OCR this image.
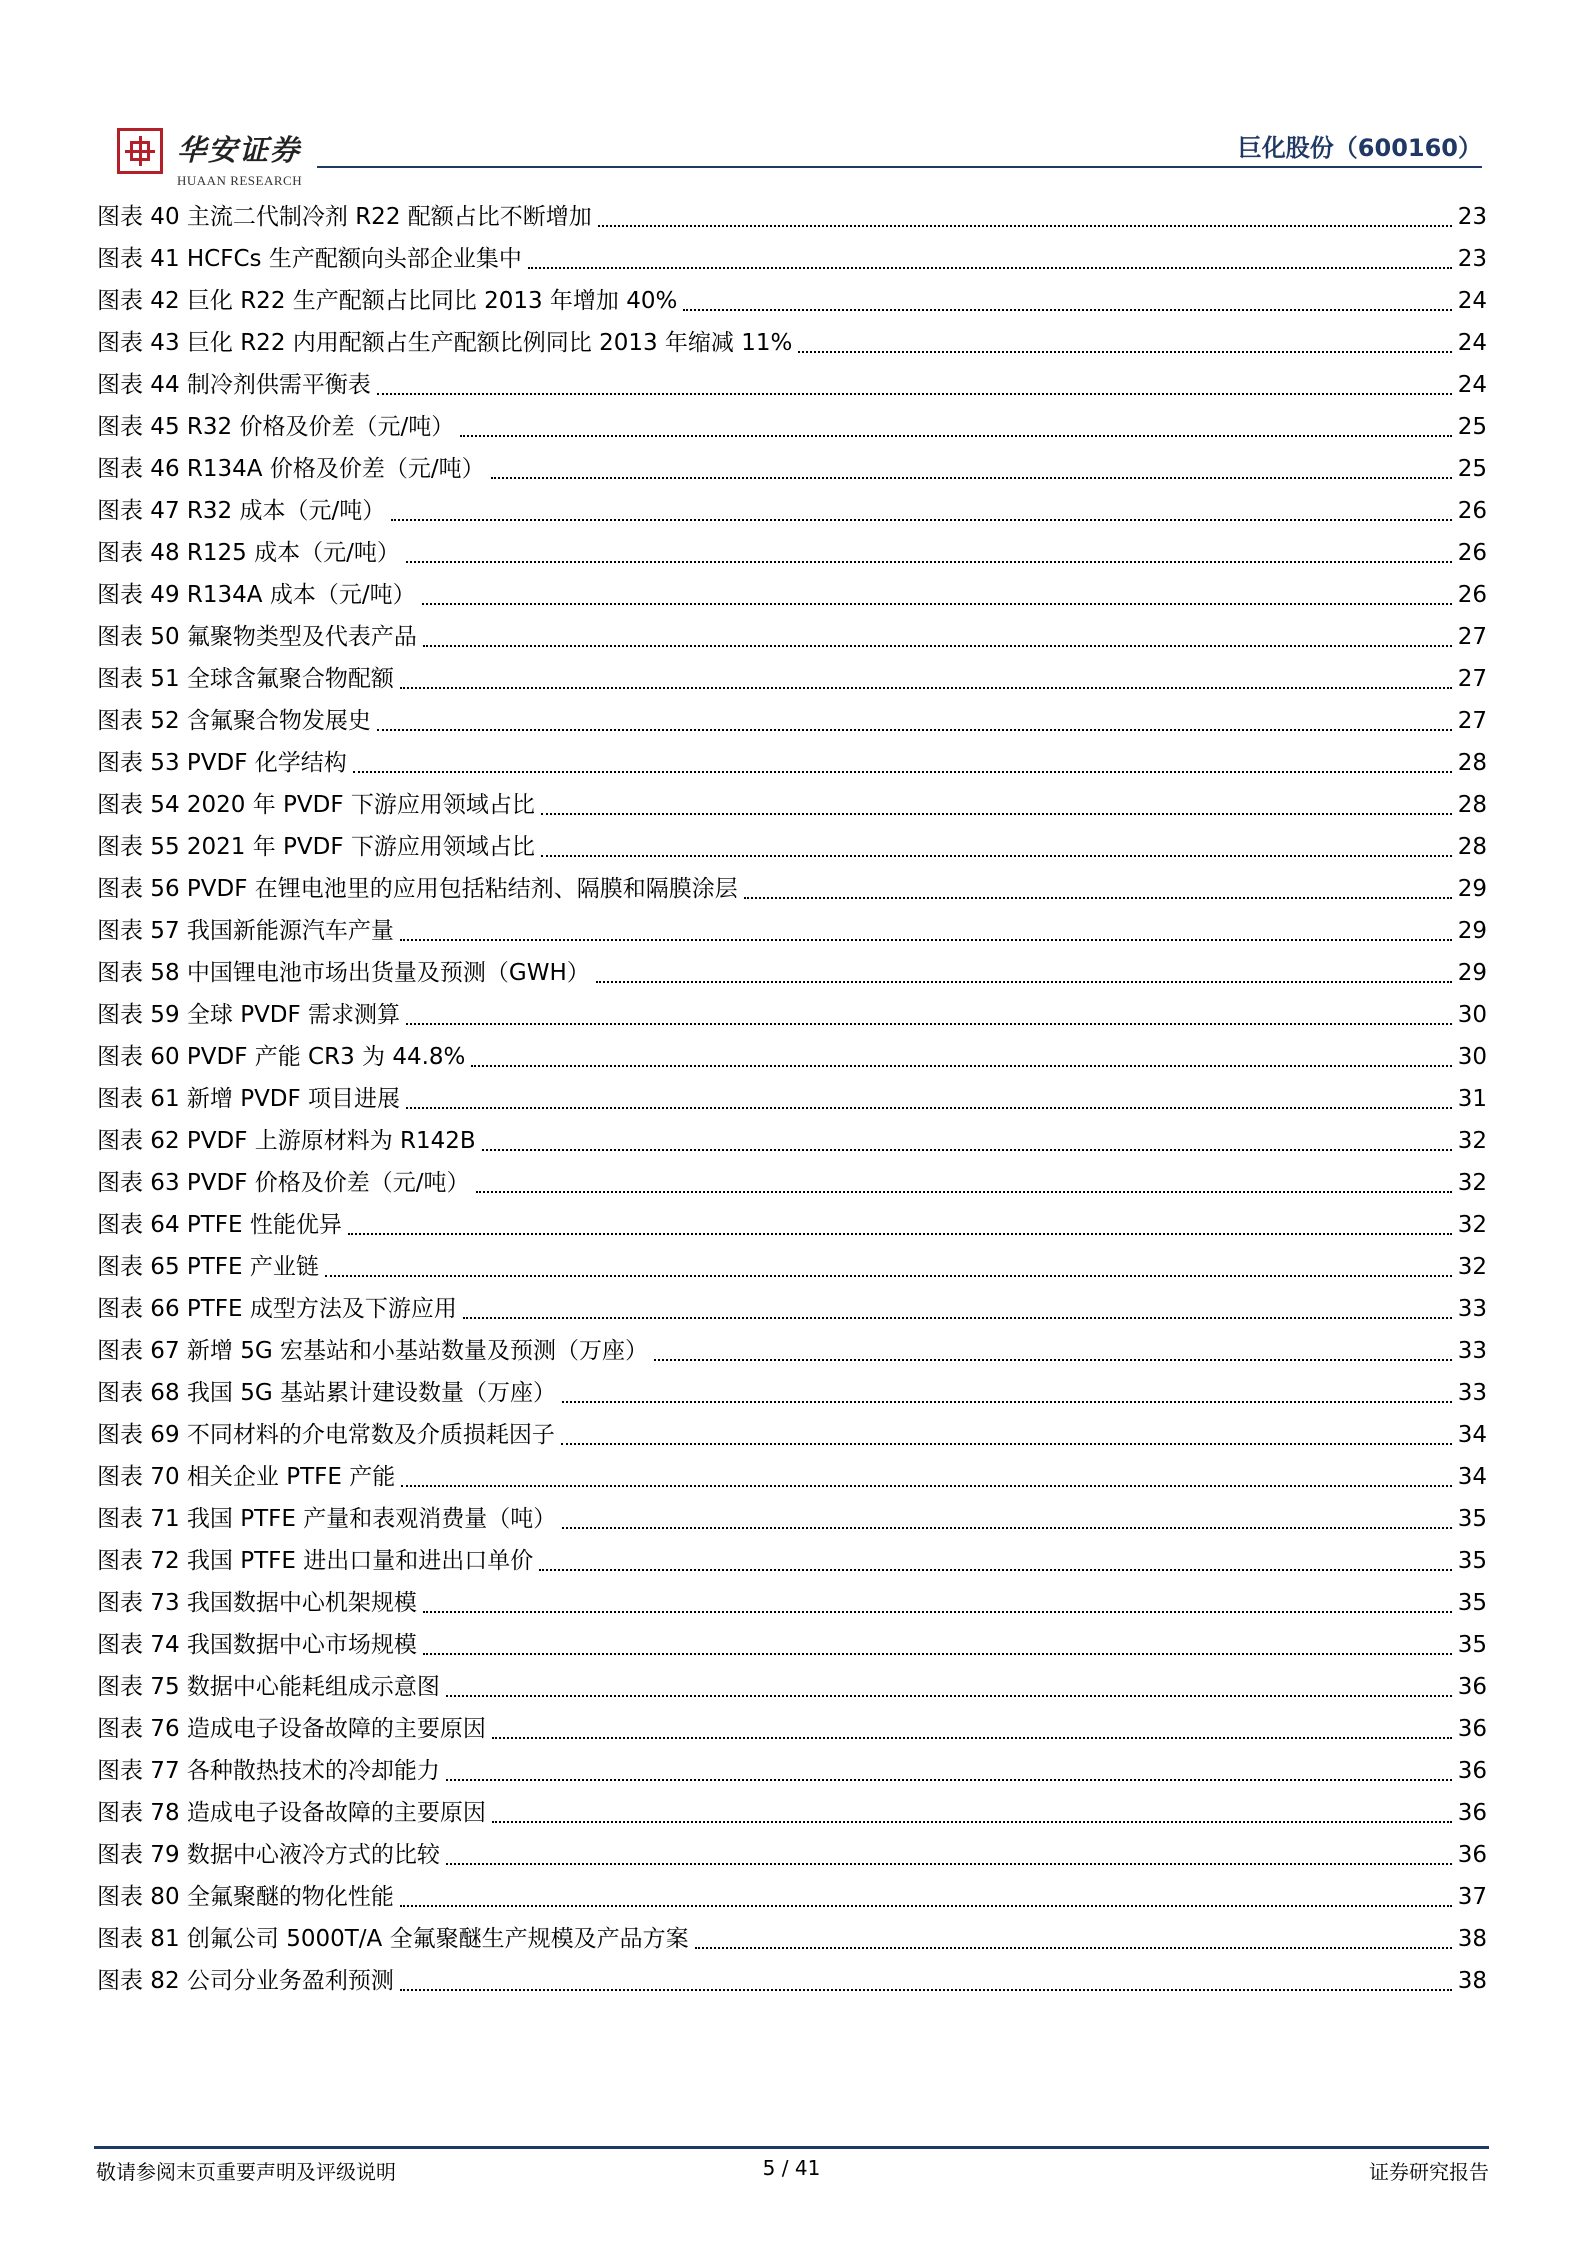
华安证券
HUAAN RESEARCH
巨化股份（600160）
图表 40 主流二代制冷剂 R22 配额占比不断增加	23
图表 41 HCFCs 生产配额向头部企业集中	23
图表 42 巨化 R22 生产配额占比同比 2013 年增加 40%	24
图表 43 巨化 R22 内用配额占生产配额比例同比 2013 年缩减 11%	24
图表 44 制冷剂供需平衡表	24
图表 45 R32 价格及价差（元/吨）	25
图表 46 R134A 价格及价差（元/吨）	25
图表 47 R32 成本（元/吨）	26
图表 48 R125 成本（元/吨）	26
图表 49 R134A 成本（元/吨）	26
图表 50 氟聚物类型及代表产品	27
图表 51 全球含氟聚合物配额	27
图表 52 含氟聚合物发展史	27
图表 53 PVDF 化学结构	28
图表 54 2020 年 PVDF 下游应用领域占比	28
图表 55 2021 年 PVDF 下游应用领域占比	28
图表 56 PVDF 在锂电池里的应用包括粘结剂、隔膜和隔膜涂层	29
图表 57 我国新能源汽车产量	29
图表 58 中国锂电池市场出货量及预测（GWH）	29
图表 59 全球 PVDF 需求测算	30
图表 60 PVDF 产能 CR3 为 44.8%	30
图表 61 新增 PVDF 项目进展	31
图表 62 PVDF 上游原材料为 R142B	32
图表 63 PVDF 价格及价差（元/吨）	32
图表 64 PTFE 性能优异	32
图表 65 PTFE 产业链	32
图表 66 PTFE 成型方法及下游应用	33
图表 67 新增 5G 宏基站和小基站数量及预测（万座）	33
图表 68 我国 5G 基站累计建设数量（万座）	33
图表 69 不同材料的介电常数及介质损耗因子	34
图表 70 相关企业 PTFE 产能	34
图表 71 我国 PTFE 产量和表观消费量（吨）	35
图表 72 我国 PTFE 进出口量和进出口单价	35
图表 73 我国数据中心机架规模	35
图表 74 我国数据中心市场规模	35
图表 75 数据中心能耗组成示意图	36
图表 76 造成电子设备故障的主要原因	36
图表 77 各种散热技术的冷却能力	36
图表 78 造成电子设备故障的主要原因	36
图表 79 数据中心液冷方式的比较	36
图表 80 全氟聚醚的物化性能	37
图表 81 创氟公司 5000T/A 全氟聚醚生产规模及产品方案	38
图表 82 公司分业务盈利预测	38
敬请参阅末页重要声明及评级说明	5 / 41	证券研究报告
